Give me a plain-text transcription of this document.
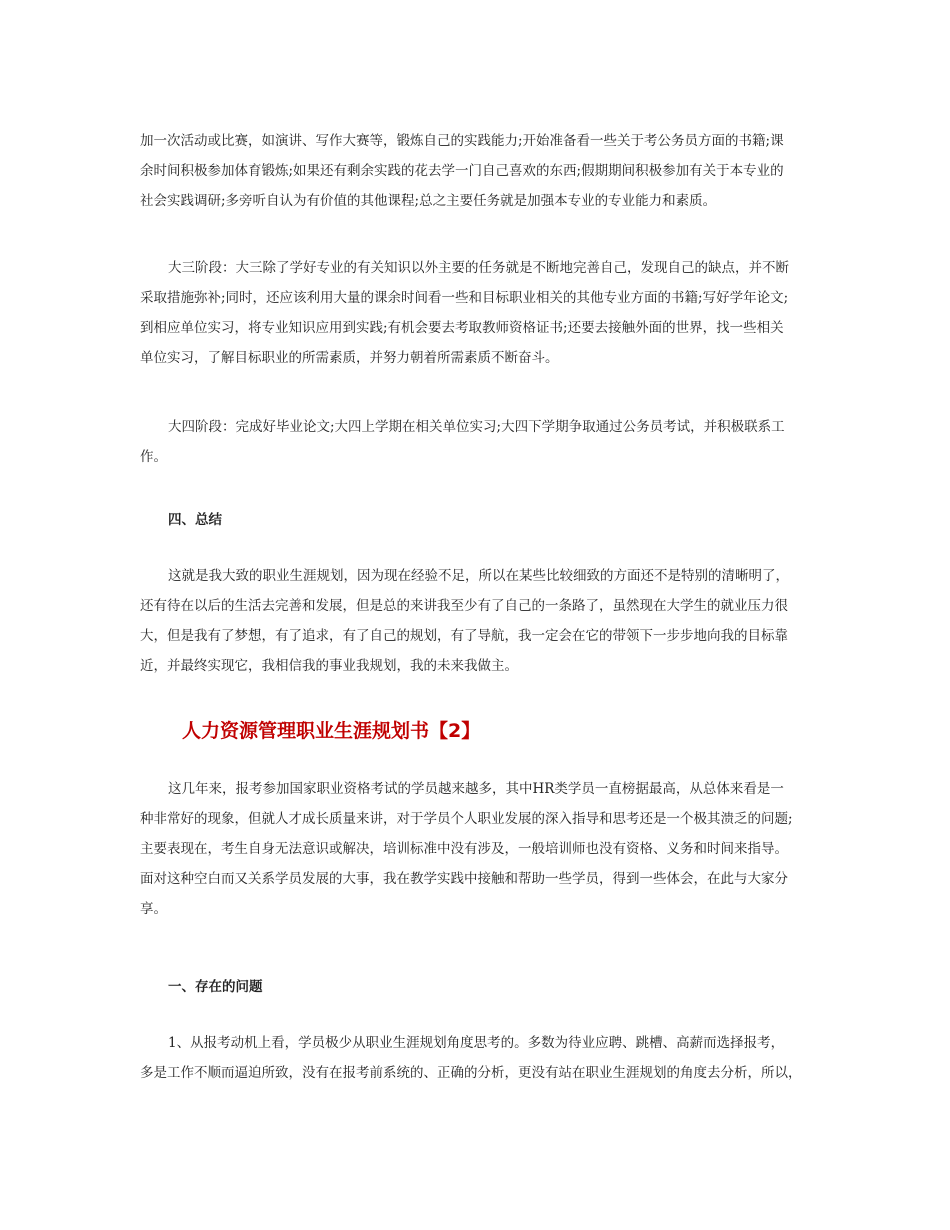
加一次活动或比赛，如演讲、写作大赛等，锻炼自己的实践能力;开始准备看一些关于考公务员方面的书籍;课
余时间积极参加体育锻炼;如果还有剩余实践的花去学一门自己喜欢的东西;假期期间积极参加有关于本专业的
社会实践调研;多旁听自认为有价值的其他课程;总之主要任务就是加强本专业的专业能力和素质。

大三阶段：大三除了学好专业的有关知识以外主要的任务就是不断地完善自己，发现自己的缺点，并不断
采取措施弥补;同时，还应该利用大量的课余时间看一些和目标职业相关的其他专业方面的书籍;写好学年论文;
到相应单位实习，将专业知识应用到实践;有机会要去考取教师资格证书;还要去接触外面的世界，找一些相关
单位实习，了解目标职业的所需素质，并努力朝着所需素质不断奋斗。

大四阶段：完成好毕业论文;大四上学期在相关单位实习;大四下学期争取通过公务员考试，并积极联系工
作。

四、总结

这就是我大致的职业生涯规划，因为现在经验不足，所以在某些比较细致的方面还不是特别的清晰明了，
还有待在以后的生活去完善和发展，但是总的来讲我至少有了自己的一条路了，虽然现在大学生的就业压力很
大，但是我有了梦想，有了追求，有了自己的规划，有了导航，我一定会在它的带领下一步步地向我的目标靠
近，并最终实现它，我相信我的事业我规划，我的未来我做主。

人力资源管理职业生涯规划书【2】

这几年来，报考参加国家职业资格考试的学员越来越多，其中HR类学员一直榜据最高，从总体来看是一
种非常好的现象，但就人才成长质量来讲，对于学员个人职业发展的深入指导和思考还是一个极其溃乏的问题;
主要表现在，考生自身无法意识或解决，培训标准中没有涉及，一般培训师也没有资格、义务和时间来指导。
面对这种空白而又关系学员发展的大事，我在教学实践中接触和帮助一些学员，得到一些体会，在此与大家分
享。

一、存在的问题

1、从报考动机上看，学员极少从职业生涯规划角度思考的。多数为待业应聘、跳槽、高薪而选择报考，
多是工作不顺而逼迫所致，没有在报考前系统的、正确的分析，更没有站在职业生涯规划的角度去分析，所以，
